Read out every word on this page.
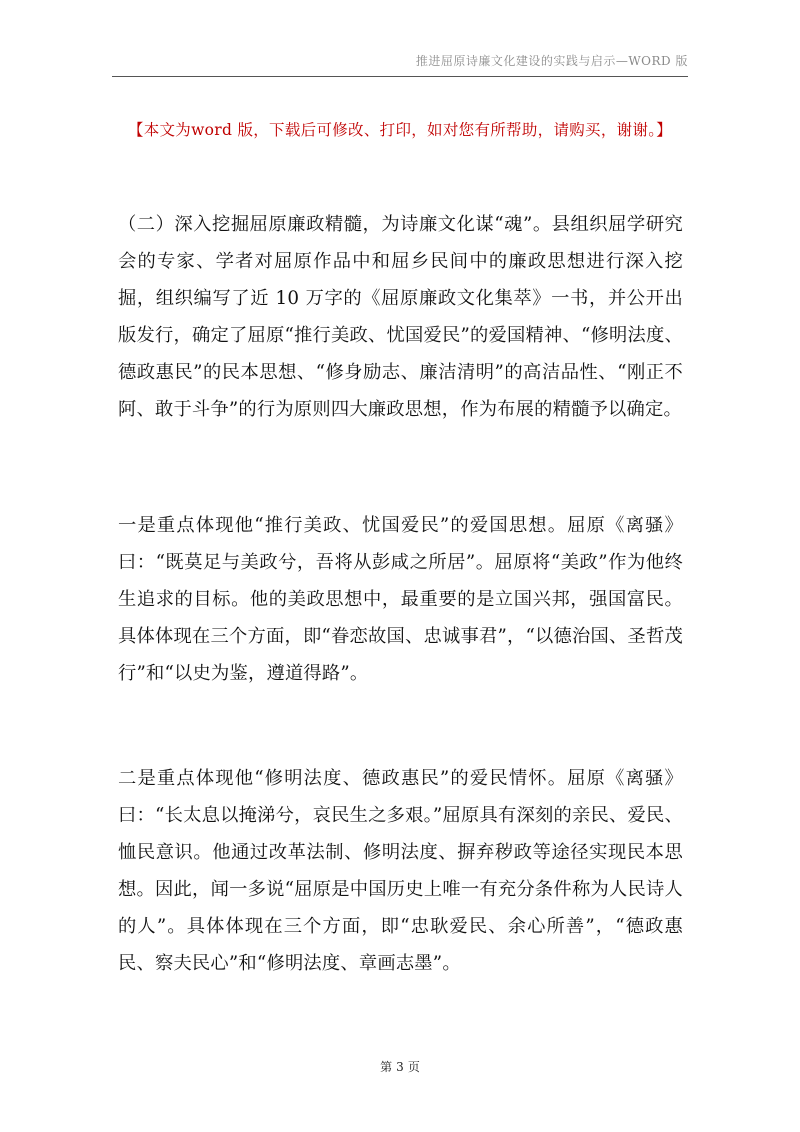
推进屈原诗廉文化建设的实践与启示—WORD 版
【本文为word 版，下载后可修改、打印，如对您有所帮助，请购买，谢谢。】

（二）深入挖掘屈原廉政精髓，为诗廉文化谋“魂”。县组织屈学研究会的专家、学者对屈原作品中和屈乡民间中的廉政思想进行深入挖掘，组织编写了近 10 万字的《屈原廉政文化集萃》一书，并公开出版发行，确定了屈原“推行美政、忧国爱民”的爱国精神、“修明法度、德政惠民”的民本思想、“修身励志、廉洁清明”的高洁品性、“刚正不阿、敢于斗争”的行为原则四大廉政思想，作为布展的精髓予以确定。

一是重点体现他“推行美政、忧国爱民”的爱国思想。屈原《离骚》曰：“既莫足与美政兮，吾将从彭咸之所居”。屈原将“美政”作为他终生追求的目标。他的美政思想中，最重要的是立国兴邦，强国富民。具体体现在三个方面，即“眷恋故国、忠诚事君”，“以德治国、圣哲茂行”和“以史为鉴，遵道得路”。

二是重点体现他“修明法度、德政惠民”的爱民情怀。屈原《离骚》曰：“长太息以掩涕兮，哀民生之多艰。”屈原具有深刻的亲民、爱民、恤民意识。他通过改革法制、修明法度、摒弃秽政等途径实现民本思想。因此，闻一多说“屈原是中国历史上唯一有充分条件称为人民诗人的人”。具体体现在三个方面，即“忠耿爱民、余心所善”，“德政惠民、察夫民心”和“修明法度、章画志墨”。

第 3 页
